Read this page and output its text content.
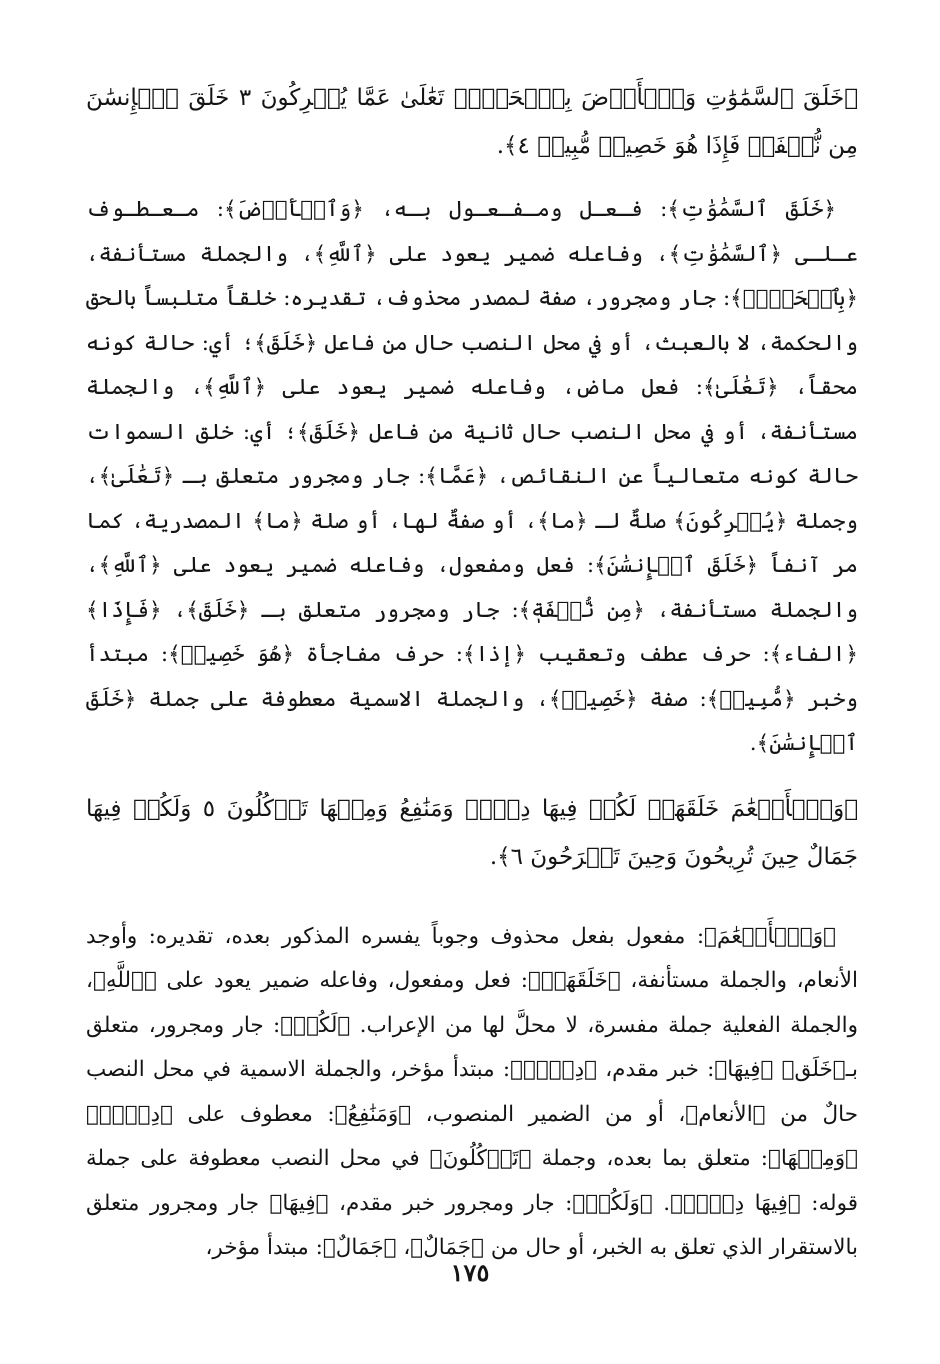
﴿خَلَقَ ٱلسَّمَٰوَٰتِ وَٱلۡأَرۡضَ بِٱلۡحَقِّۚ تَعَٰلَىٰ عَمَّا يُشۡرِكُونَ ٣ خَلَقَ ٱلۡإِنسَٰنَ مِن نُّطۡفَةٖ فَإِذَا هُوَ خَصِيمٞ مُّبِينٞ ٤﴾.

﴿خَلَقَ ٱلسَّمَٰوَٰتِ﴾: فـعـل ومـفـعـول بـه، ﴿وَٱلۡأَرۡضَ﴾: مـعـطـوف عـلـى ﴿ٱلسَّمَٰوَٰتِ﴾، وفاعله ضمير يعود على ﴿ٱللَّهِ﴾، والجملة مستأنفة، ﴿بِٱلۡحَقِّۚ﴾: جار ومجرور، صفة لمصدر محذوف، تقديره: خلقاً متلبساً بالحق والحكمة، لا بالعبث، أو في محل النصب حال من فاعل ﴿خَلَقَ﴾؛ أي: حالة كونه محقاً، ﴿تَعَٰلَىٰ﴾: فعل ماض، وفاعله ضمير يعود على ﴿ٱللَّهِ﴾، والجملة مستأنفة، أو في محل النصب حال ثانية من فاعل ﴿خَلَقَ﴾؛ أي: خلق السموات حالة كونه متعالياً عن النقائص، ﴿عَمَّا﴾: جار ومجرور متعلق بـ ﴿تَعَٰلَىٰ﴾، وجملة ﴿يُشۡرِكُونَ﴾ صلةٌ لـ ﴿ما﴾، أو صفةٌ لها، أو صلة ﴿ما﴾ المصدرية، كما مر آنفاً ﴿خَلَقَ ٱلۡإِنسَٰنَ﴾: فعل ومفعول، وفاعله ضمير يعود على ﴿ٱللَّهِ﴾، والجملة مستأنفة، ﴿مِن نُّطۡفَةٖ﴾: جار ومجرور متعلق بـ ﴿خَلَقَ﴾، ﴿فَإِذَا﴾ ﴿الفاء﴾: حرف عطف وتعقيب ﴿إذا﴾: حرف مفاجأة ﴿هُوَ خَصِيمٞ﴾: مبتدأ وخبر ﴿مُّبِينٞ﴾: صفة ﴿خَصِيمٞ﴾، والجملة الاسمية معطوفة على جملة ﴿خَلَقَ ٱلۡإِنسَٰنَ﴾.

﴿وَٱلۡأَنۡعَٰمَ خَلَقَهَاۖ لَكُمۡ فِيهَا دِفۡءٞ وَمَنَٰفِعُ وَمِنۡهَا تَأۡكُلُونَ ٥ وَلَكُمۡ فِيهَا جَمَالٌ حِينَ تُرِيحُونَ وَحِينَ تَسۡرَحُونَ ٦﴾.

﴿وَٱلۡأَنۡعَٰمَ﴾: مفعول بفعل محذوف وجوباً يفسره المذكور بعده، تقديره: وأوجد الأنعام، والجملة مستأنفة، ﴿خَلَقَهَاۖ﴾: فعل ومفعول، وفاعله ضمير يعود على ﴿ٱللَّهِ﴾، والجملة الفعلية جملة مفسرة، لا محلَّ لها من الإعراب. ﴿لَكُمۡ﴾: جار ومجرور، متعلق بـ﴿خَلَق﴾ ﴿فِيهَا﴾: خبر مقدم، ﴿دِفۡءٞ﴾: مبتدأ مؤخر، والجملة الاسمية في محل النصب حالٌ من ﴿الأنعام﴾، أو من الضمير المنصوب، ﴿وَمَنَٰفِعُ﴾: معطوف على ﴿دِفۡءٞ﴾ ﴿وَمِنۡهَا﴾: متعلق بما بعده، وجملة ﴿تَأۡكُلُونَ﴾ في محل النصب معطوفة على جملة قوله: ﴿فِيهَا دِفۡءٞ﴾. ﴿وَلَكُمۡ﴾: جار ومجرور خبر مقدم، ﴿فِيهَا﴾ جار ومجرور متعلق بالاستقرار الذي تعلق به الخبر، أو حال من ﴿جَمَالٌ﴾، ﴿جَمَالٌ﴾: مبتدأ مؤخر،

١٧٥
